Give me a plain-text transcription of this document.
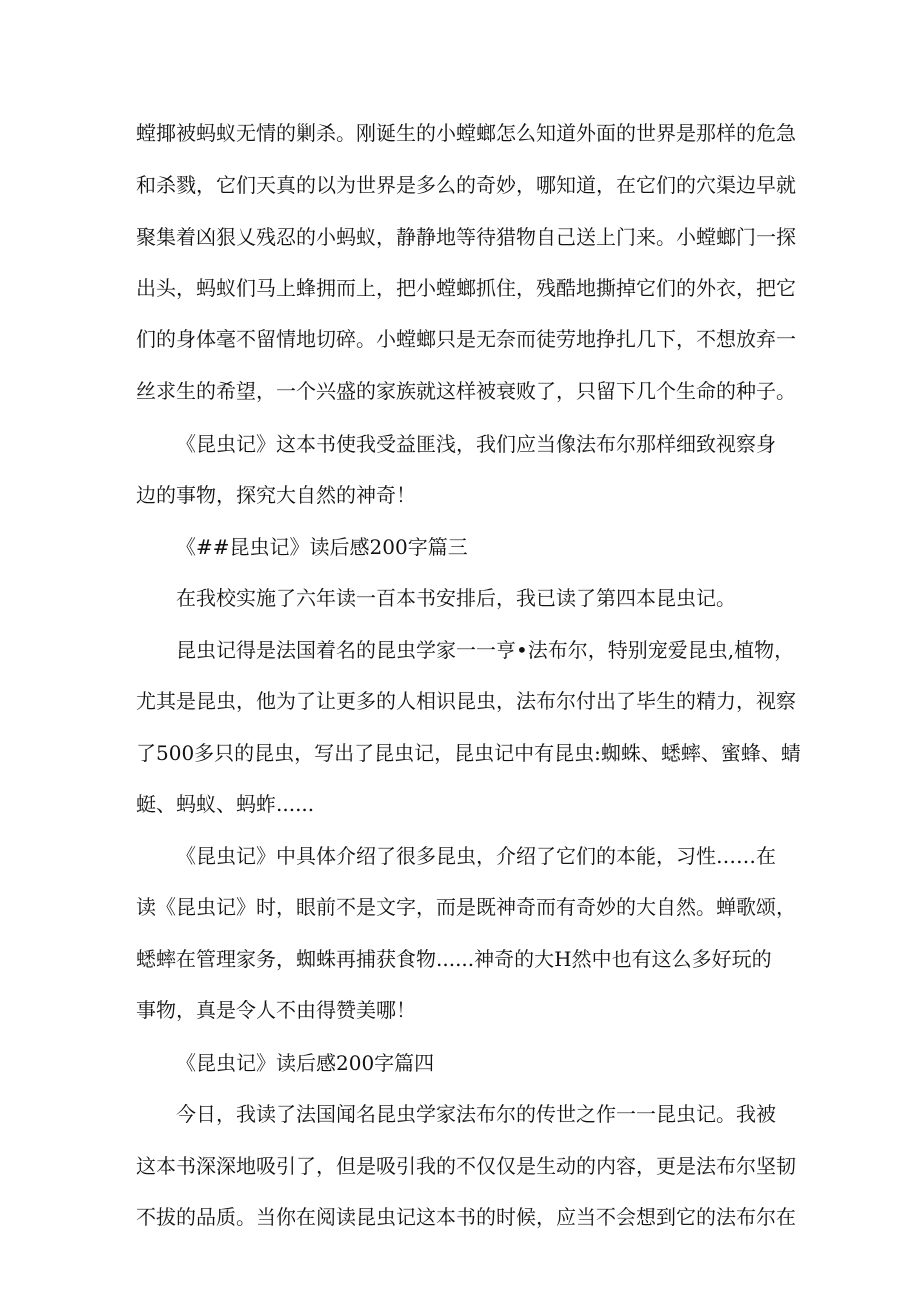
螳揶被蚂蚁无情的剿杀。刚诞生的小螳螂怎么知道外面的世界是那样的危急
和杀戮，它们天真的以为世界是多么的奇妙，哪知道，在它们的穴渠边早就
聚集着凶狠乂残忍的小蚂蚁，静静地等待猎物自己送上门来。小螳螂门一探
出头，蚂蚁们马上蜂拥而上，把小螳螂抓住，残酷地撕掉它们的外衣，把它
们的身体毫不留情地切碎。小螳螂只是无奈而徒劳地挣扎几下，不想放弃一
丝求生的希望，一个兴盛的家族就这样被衰败了，只留下几个生命的种子。
《昆虫记》这本书使我受益匪浅，我们应当像法布尔那样细致视察身
边的事物，探究大自然的神奇！
《##昆虫记》读后感200字篇三
在我校实施了六年读一百本书安排后，我已读了第四本昆虫记。
昆虫记得是法国着名的昆虫学家一一亨•法布尔，特别宠爱昆虫,植物，
尤其是昆虫，他为了让更多的人相识昆虫，法布尔付出了毕生的精力，视察
了500多只的昆虫，写出了昆虫记，昆虫记中有昆虫:蜘蛛、蟋蟀、蜜蜂、蜻
蜓、蚂蚁、蚂蚱......
《昆虫记》中具体介绍了很多昆虫，介绍了它们的本能，习性……在
读《昆虫记》时，眼前不是文字，而是既神奇而有奇妙的大自然。蝉歌颂，
蟋蟀在管理家务，蜘蛛再捕获食物......神奇的大H然中也有这么多好玩的
事物，真是令人不由得赞美哪！
《昆虫记》读后感200字篇四
今日，我读了法国闻名昆虫学家法布尔的传世之作一一昆虫记。我被
这本书深深地吸引了，但是吸引我的不仅仅是生动的内容，更是法布尔坚韧
不拔的品质。当你在阅读昆虫记这本书的时候，应当不会想到它的法布尔在
